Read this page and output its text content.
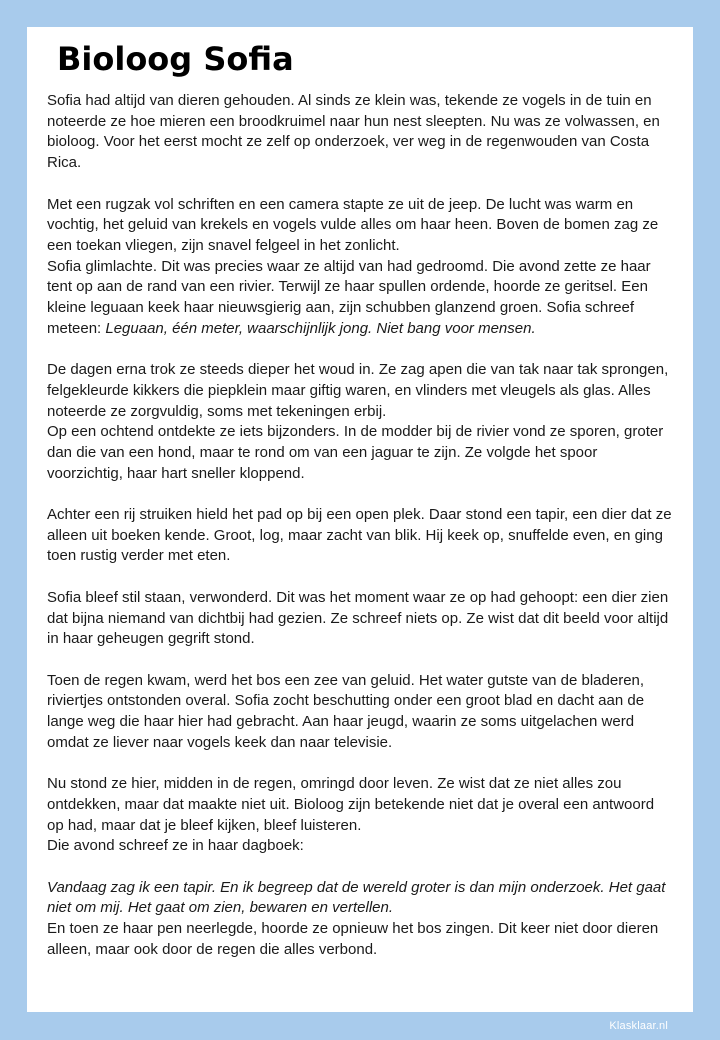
Bioloog Sofia

Sofia had altijd van dieren gehouden. Al sinds ze klein was, tekende ze vogels in de tuin en noteerde ze hoe mieren een broodkruimel naar hun nest sleepten. Nu was ze volwassen, en bioloog. Voor het eerst mocht ze zelf op onderzoek, ver weg in de regenwouden van Costa Rica.

Met een rugzak vol schriften en een camera stapte ze uit de jeep. De lucht was warm en vochtig, het geluid van krekels en vogels vulde alles om haar heen. Boven de bomen zag ze een toekan vliegen, zijn snavel felgeel in het zonlicht.

Sofia glimlachte. Dit was precies waar ze altijd van had gedroomd. Die avond zette ze haar tent op aan de rand van een rivier. Terwijl ze haar spullen ordende, hoorde ze geritsel. Een kleine leguaan keek haar nieuwsgierig aan, zijn schubben glanzend groen. Sofia schreef meteen: Leguaan, één meter, waarschijnlijk jong. Niet bang voor mensen.

De dagen erna trok ze steeds dieper het woud in. Ze zag apen die van tak naar tak sprongen, felgekleurde kikkers die piepklein maar giftig waren, en vlinders met vleugels als glas. Alles noteerde ze zorgvuldig, soms met tekeningen erbij.

Op een ochtend ontdekte ze iets bijzonders. In de modder bij de rivier vond ze sporen, groter dan die van een hond, maar te rond om van een jaguar te zijn. Ze volgde het spoor voorzichtig, haar hart sneller kloppend.

Achter een rij struiken hield het pad op bij een open plek. Daar stond een tapir, een dier dat ze alleen uit boeken kende. Groot, log, maar zacht van blik. Hij keek op, snuffelde even, en ging toen rustig verder met eten.

Sofia bleef stil staan, verwonderd. Dit was het moment waar ze op had gehoopt: een dier zien dat bijna niemand van dichtbij had gezien. Ze schreef niets op. Ze wist dat dit beeld voor altijd in haar geheugen gegrift stond.

Toen de regen kwam, werd het bos een zee van geluid. Het water gutste van de bladeren, riviertjes ontstonden overal. Sofia zocht beschutting onder een groot blad en dacht aan de lange weg die haar hier had gebracht. Aan haar jeugd, waarin ze soms uitgelachen werd omdat ze liever naar vogels keek dan naar televisie.

Nu stond ze hier, midden in de regen, omringd door leven. Ze wist dat ze niet alles zou ontdekken, maar dat maakte niet uit. Bioloog zijn betekende niet dat je overal een antwoord op had, maar dat je bleef kijken, bleef luisteren.

Die avond schreef ze in haar dagboek:

Vandaag zag ik een tapir. En ik begreep dat de wereld groter is dan mijn onderzoek. Het gaat niet om mij. Het gaat om zien, bewaren en vertellen.

En toen ze haar pen neerlegde, hoorde ze opnieuw het bos zingen. Dit keer niet door dieren alleen, maar ook door de regen die alles verbond.

Klasklaar.nl
